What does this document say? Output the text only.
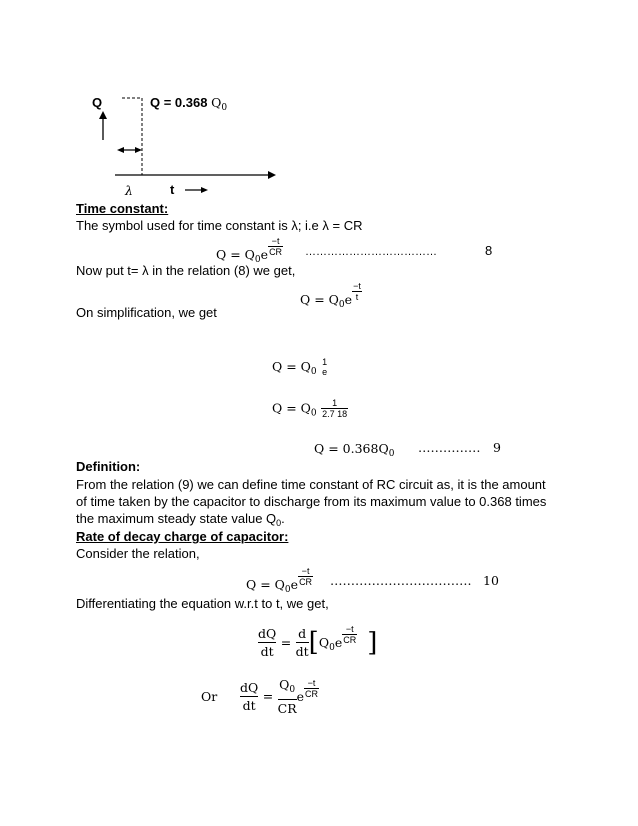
Q	Q = 0.368 $Q_0$
λ	t
Time constant:
The symbol used for time constant is λ; i.e λ = CR
$Q = Q_0e \frac{-t}{CR}$ ………………………………	8
Now put t= λ in the relation (8) we get,
$Q = Q_0e \frac{-t}{t}$
On simplification, we get
$Q = Q_0$
1
e
$Q = Q_0 \frac{1}{2.7 18}$
$Q = 0.368Q_0$ …………… 9
Definition:
From the relation (9) we can define time constant of RC circuit as, it is the amount
of time taken by the capacitor to discharge from its maximum value to 0.368 times
the maximum steady state value $Q_0$.
Rate of decay charge of capacitor:
Consider the relation,
$Q = Q_0e \frac{-t}{CR}$ ……………………………. 10
Differentiating the equation w.r.t to t, we get,
$\frac{dQ}{dt} = \frac{d}{dt} [Q_0e \frac{-t}{CR}$ ]
Or $\frac{dQ}{dt} = \frac{Q_0}{CR}$ e $\frac{-t}{CR}$
